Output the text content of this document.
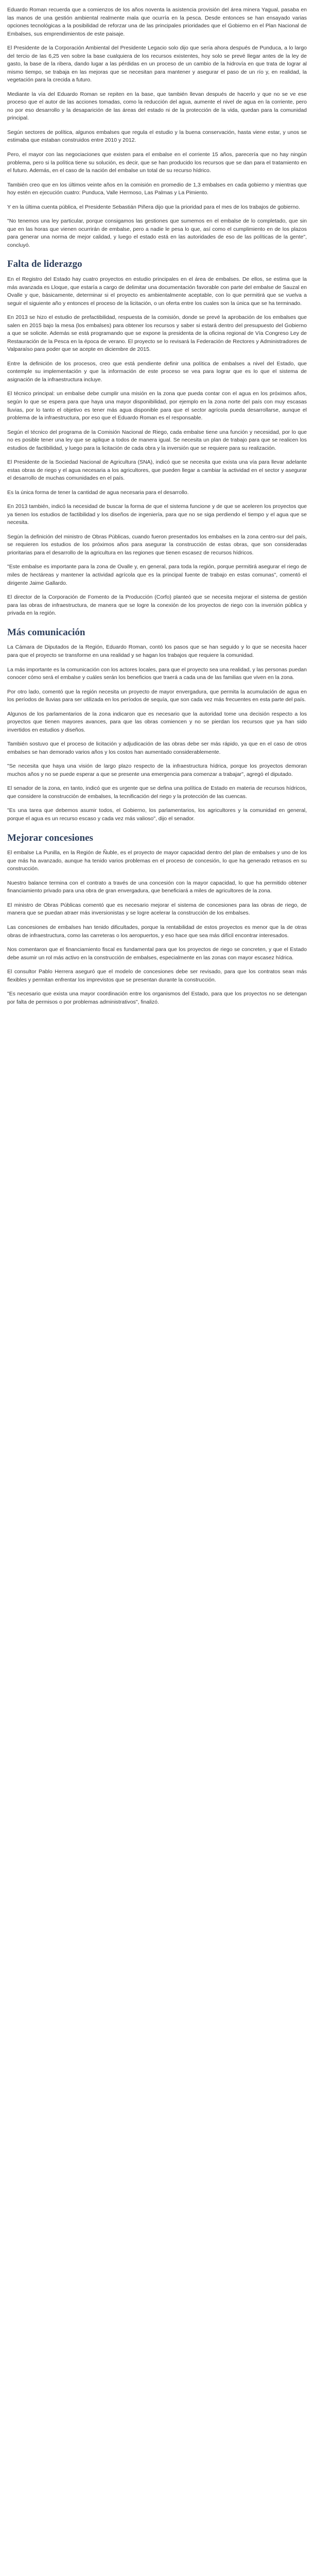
Eduardo Roman recuerda que a comienzos de los años noventa la asistencia provisión del área minera Yagual, pasaba en las manos de una gestión ambiental realmente mala que ocurría en la pesca. Desde entonces se han ensayado varias opciones tecnológicas a la posibilidad de reforzar una de las principales prioridades que el Gobierno en el Plan Nacional de Embalses, sus emprendimientos de este paisaje.

El Presidente de la Corporación Ambiental del Presidente Legacio solo dijo que sería ahora después de Punduca, a lo largo del tercio de las 6,25 ven sobre la base cualquiera de los recursos existentes, hoy solo se prevé llegar antes de la ley de gasto, la base de la ribera, dando lugar a las pérdidas en un proceso de un cambio de la hidrovía en que trata de lograr al mismo tiempo, se trabaja en las mejoras que se necesitan para mantener y asegurar el paso de un río y, en realidad, la vegetación para la crecida a futuro.

Mediante la vía del Eduardo Roman se repiten en la base, que también llevan después de hacerlo y que no se ve ese proceso que el autor de las acciones tomadas, como la reducción del agua, aumente el nivel de agua en la corriente, pero no por eso desarrollo y la desaparición de las áreas del estado ni de la protección de la vida, quedan para la comunidad principal.

Según sectores de política, algunos embalses que regula el estudio y la buena conservación, hasta viene estar, y unos se estimaba que estaban construidos entre 2010 y 2012.

Pero, el mayor con las negociaciones que existen para el embalse en el corriente 15 años, parecería que no hay ningún problema, pero si la política tiene su solución, es decir, que se han producido los recursos que se dan para el tratamiento en el futuro. Además, en el caso de la nación del embalse un total de su recurso hídrico.

También creo que en los últimos veinte años en la comisión en promedio de 1,3 embalses en cada gobierno y mientras que hoy estén en ejecución cuatro: Punduca, Valle Hermoso, Las Palmas y La Pimiento.

Y en la última cuenta pública, el Presidente Sebastián Piñera dijo que la prioridad para el mes de los trabajos de gobierno.

"No tenemos una ley particular, porque consigamos las gestiones que sumemos en el embalse de lo completado, que sin que en las horas que vienen ocurrirán de embalse, pero a nadie le pesa lo que, así como el cumplimiento en de los plazos para generar una norma de mejor calidad, y luego el estado está en las autoridades de eso de las políticas de la gente", concluyó.

Falta de liderazgo

En el Registro del Estado hay cuatro proyectos en estudio principales en el área de embalses. De ellos, se estima que la más avanzada es Lloque, que estaría a cargo de delimitar una documentación favorable con parte del embalse de Sauzal en Ovalle y que, básicamente, determinar si el proyecto es ambientalmente aceptable, con lo que permitirá que se vuelva a seguir el siguiente año y entonces el proceso de la licitación, o un oferta entre los cuales son la única que se ha terminado.

En 2013 se hizo el estudio de prefactibilidad, respuesta de la comisión, donde se prevé la aprobación de los embalses que salen en 2015 bajo la mesa (los embalses) para obtener los recursos y saber si estará dentro del presupuesto del Gobierno a que se solicite. Además se está programando que se expone la presidenta de la oficina regional de Vía Congreso Ley de Restauración de la Pesca en la época de verano. El proyecto se lo revisará la Federación de Rectores y Administradores de Valparaíso para poder que se acepte en diciembre de 2015.

Entre la definición de los procesos, creo que está pendiente definir una política de embalses a nivel del Estado, que contemple su implementación y que la información de este proceso se vea para lograr que es lo que el sistema de asignación de la infraestructura incluye.

El técnico principal: un embalse debe cumplir una misión en la zona que pueda contar con el agua en los próximos años, según lo que se espera para que haya una mayor disponibilidad, por ejemplo en la zona norte del país con muy escasas lluvias, por lo tanto el objetivo es tener más agua disponible para que el sector agrícola pueda desarrollarse, aunque el problema de la infraestructura, por eso que el Eduardo Roman es el responsable.

Según el técnico del programa de la Comisión Nacional de Riego, cada embalse tiene una función y necesidad, por lo que no es posible tener una ley que se aplique a todos de manera igual. Se necesita un plan de trabajo para que se realicen los estudios de factibilidad, y luego para la licitación de cada obra y la inversión que se requiere para su realización.

El Presidente de la Sociedad Nacional de Agricultura (SNA), indicó que se necesita que exista una vía para llevar adelante estas obras de riego y el agua necesaria a los agricultores, que pueden llegar a cambiar la actividad en el sector y asegurar el desarrollo de muchas comunidades en el país.

Es la única forma de tener la cantidad de agua necesaria para el desarrollo.

En 2013 también, indicó la necesidad de buscar la forma de que el sistema funcione y de que se aceleren los proyectos que ya tienen los estudios de factibilidad y los diseños de ingeniería, para que no se siga perdiendo el tiempo y el agua que se necesita.

Según la definición del ministro de Obras Públicas, cuando fueron presentados los embalses en la zona centro-sur del país, se requieren los estudios de los próximos años para asegurar la construcción de estas obras, que son consideradas prioritarias para el desarrollo de la agricultura en las regiones que tienen escasez de recursos hídricos.

"Este embalse es importante para la zona de Ovalle y, en general, para toda la región, porque permitirá asegurar el riego de miles de hectáreas y mantener la actividad agrícola que es la principal fuente de trabajo en estas comunas", comentó el dirigente Jaime Gallardo.

El director de la Corporación de Fomento de la Producción (Corfo) planteó que se necesita mejorar el sistema de gestión para las obras de infraestructura, de manera que se logre la conexión de los proyectos de riego con la inversión pública y privada en la región.

Más comunicación

La Cámara de Diputados de la Región, Eduardo Roman, contó los pasos que se han seguido y lo que se necesita hacer para que el proyecto se transforme en una realidad y se hagan los trabajos que requiere la comunidad.

La más importante es la comunicación con los actores locales, para que el proyecto sea una realidad, y las personas puedan conocer cómo será el embalse y cuáles serán los beneficios que traerá a cada una de las familias que viven en la zona.

Por otro lado, comentó que la región necesita un proyecto de mayor envergadura, que permita la acumulación de agua en los períodos de lluvias para ser utilizada en los períodos de sequía, que son cada vez más frecuentes en esta parte del país.

Algunos de los parlamentarios de la zona indicaron que es necesario que la autoridad tome una decisión respecto a los proyectos que tienen mayores avances, para que las obras comiencen y no se pierdan los recursos que ya han sido invertidos en estudios y diseños.

También sostuvo que el proceso de licitación y adjudicación de las obras debe ser más rápido, ya que en el caso de otros embalses se han demorado varios años y los costos han aumentado considerablemente.

"Se necesita que haya una visión de largo plazo respecto de la infraestructura hídrica, porque los proyectos demoran muchos años y no se puede esperar a que se presente una emergencia para comenzar a trabajar", agregó el diputado.

El senador de la zona, en tanto, indicó que es urgente que se defina una política de Estado en materia de recursos hídricos, que considere la construcción de embalses, la tecnificación del riego y la protección de las cuencas.

"Es una tarea que debemos asumir todos, el Gobierno, los parlamentarios, los agricultores y la comunidad en general, porque el agua es un recurso escaso y cada vez más valioso", dijo el senador.

Mejorar concesiones

El embalse La Punilla, en la Región de Ñuble, es el proyecto de mayor capacidad dentro del plan de embalses y uno de los que más ha avanzado, aunque ha tenido varios problemas en el proceso de concesión, lo que ha generado retrasos en su construcción.

Nuestro balance termina con el contrato a través de una concesión con la mayor capacidad, lo que ha permitido obtener financiamiento privado para una obra de gran envergadura, que beneficiará a miles de agricultores de la zona.

El ministro de Obras Públicas comentó que es necesario mejorar el sistema de concesiones para las obras de riego, de manera que se puedan atraer más inversionistas y se logre acelerar la construcción de los embalses.

Las concesiones de embalses han tenido dificultades, porque la rentabilidad de estos proyectos es menor que la de otras obras de infraestructura, como las carreteras o los aeropuertos, y eso hace que sea más difícil encontrar interesados.

Nos comentaron que el financiamiento fiscal es fundamental para que los proyectos de riego se concreten, y que el Estado debe asumir un rol más activo en la construcción de embalses, especialmente en las zonas con mayor escasez hídrica.

El consultor Pablo Herrera aseguró que el modelo de concesiones debe ser revisado, para que los contratos sean más flexibles y permitan enfrentar los imprevistos que se presentan durante la construcción.

"Es necesario que exista una mayor coordinación entre los organismos del Estado, para que los proyectos no se detengan por falta de permisos o por problemas administrativos", finalizó.
